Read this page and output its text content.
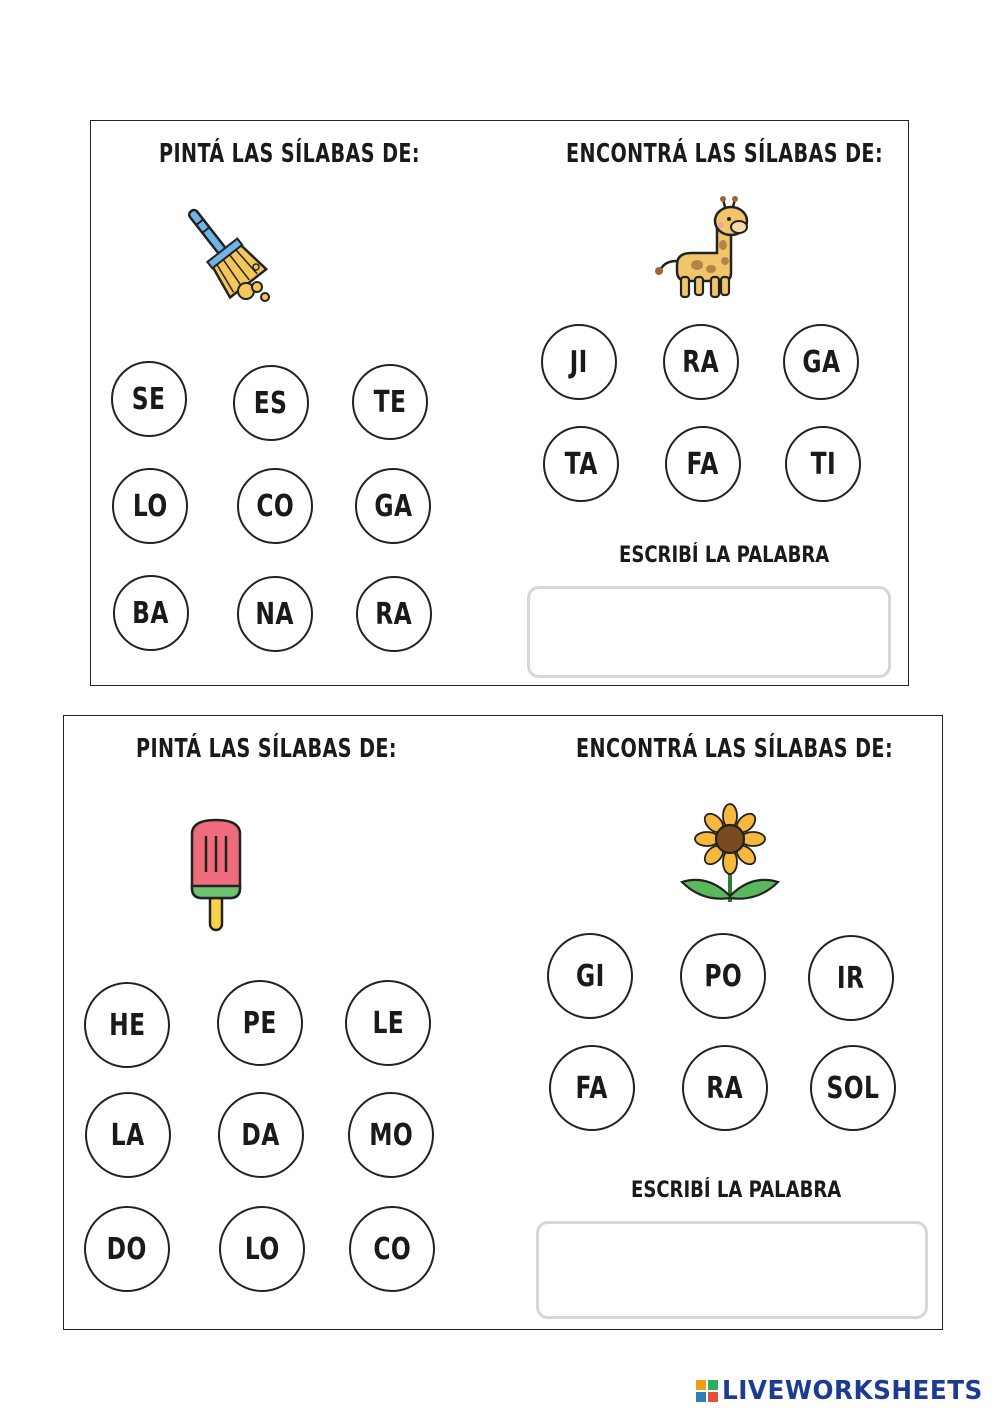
PINTÁ LAS SÍLABAS DE:	ENCONTRÁ LAS SÍLABAS DE:
SE	ES	TE
LO	CO	GA
BA	NA	RA
JI	RA	GA
TA	FA	TI
ESCRIBÍ LA PALABRA
PINTÁ LAS SÍLABAS DE:	ENCONTRÁ LAS SÍLABAS DE:
HE	PE	LE
LA	DA	MO
DO	LO	CO
GI	PO	IR
FA	RA	SOL
ESCRIBÍ LA PALABRA
LIVEWORKSHEETS
